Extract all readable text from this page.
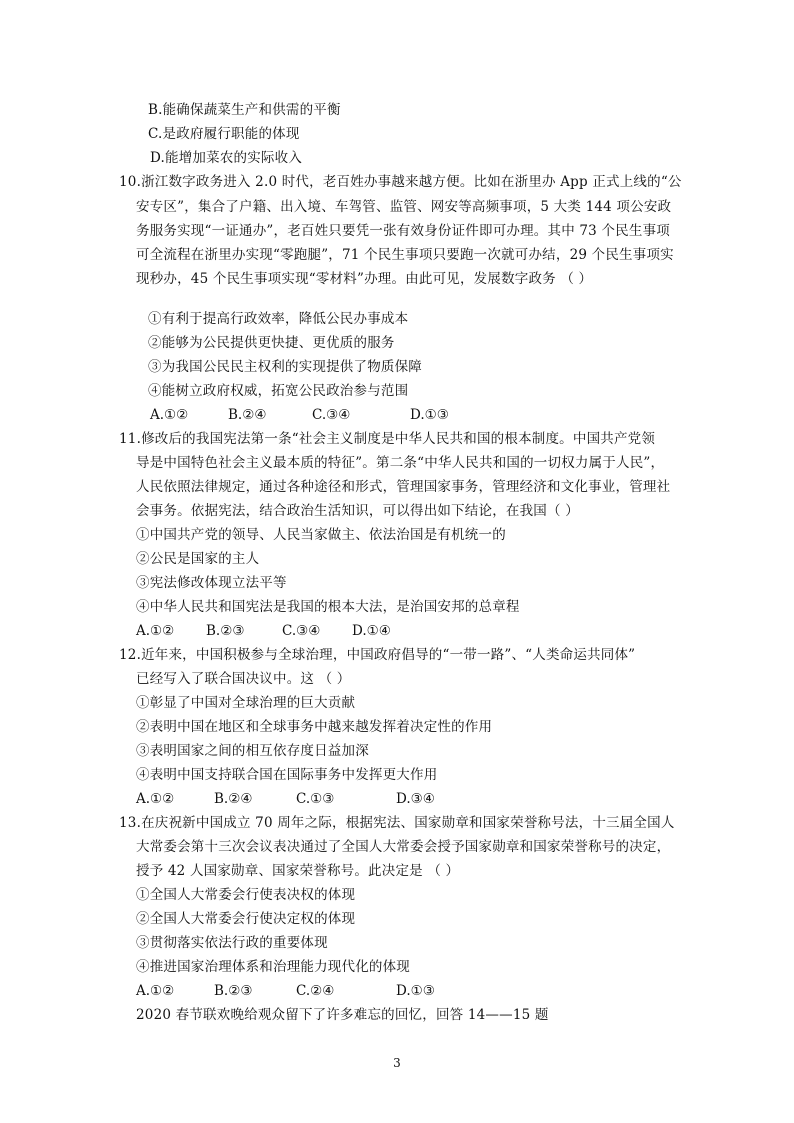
B.能确保蔬菜生产和供需的平衡
C.是政府履行职能的体现
D.能增加菜农的实际收入
10.浙江数字政务进入 2.0 时代，老百姓办事越来越方便。比如在浙里办 App 正式上线的“公
安专区”，集合了户籍、出入境、车驾管、监管、网安等高频事项，5 大类 144 项公安政
务服务实现“一证通办”，老百姓只要凭一张有效身份证件即可办理。其中 73 个民生事项
可全流程在浙里办实现“零跑腿”，71 个民生事项只要跑一次就可办结，29 个民生事项实
现秒办，45 个民生事项实现“零材料”办理。由此可见，发展数字政务 （ ）
①有利于提高行政效率，降低公民办事成本
②能够为公民提供更快捷、更优质的服务
③为我国公民民主权利的实现提供了物质保障
④能树立政府权威，拓宽公民政治参与范围
A.①②	B.②④	C.③④	D.①③
11.修改后的我国宪法第一条“社会主义制度是中华人民共和国的根本制度。中国共产党领
导是中国特色社会主义最本质的特征”。第二条“中华人民共和国的一切权力属于人民”，
人民依照法律规定，通过各种途径和形式，管理国家事务，管理经济和文化事业，管理社
会事务。依据宪法，结合政治生活知识，可以得出如下结论，在我国（ ）
①中国共产党的领导、人民当家做主、依法治国是有机统一的
②公民是国家的主人
③宪法修改体现立法平等
④中华人民共和国宪法是我国的根本大法，是治国安邦的总章程
A.①② B.②③	C.③④ D.①④
12.近年来，中国积极参与全球治理，中国政府倡导的“一带一路”、“人类命运共同体”
已经写入了联合国决议中。这 （ ）
①彰显了中国对全球治理的巨大贡献
②表明中国在地区和全球事务中越来越发挥着决定性的作用
③表明国家之间的相互依存度日益加深
④表明中国支持联合国在国际事务中发挥更大作用
A.①②	B.②④	C.①③	D.③④
13.在庆祝新中国成立 70 周年之际，根据宪法、国家勋章和国家荣誉称号法，十三届全国人
大常委会第十三次会议表决通过了全国人大常委会授予国家勋章和国家荣誉称号的决定，
授予 42 人国家勋章、国家荣誉称号。此决定是 （ ）
①全国人大常委会行使表决权的体现
②全国人大常委会行使决定权的体现
③贯彻落实依法行政的重要体现
④推进国家治理体系和治理能力现代化的体现
A.①②	B.②③	C.②④	D.①③
2020 春节联欢晚给观众留下了许多难忘的回忆，回答 14——15 题
3
